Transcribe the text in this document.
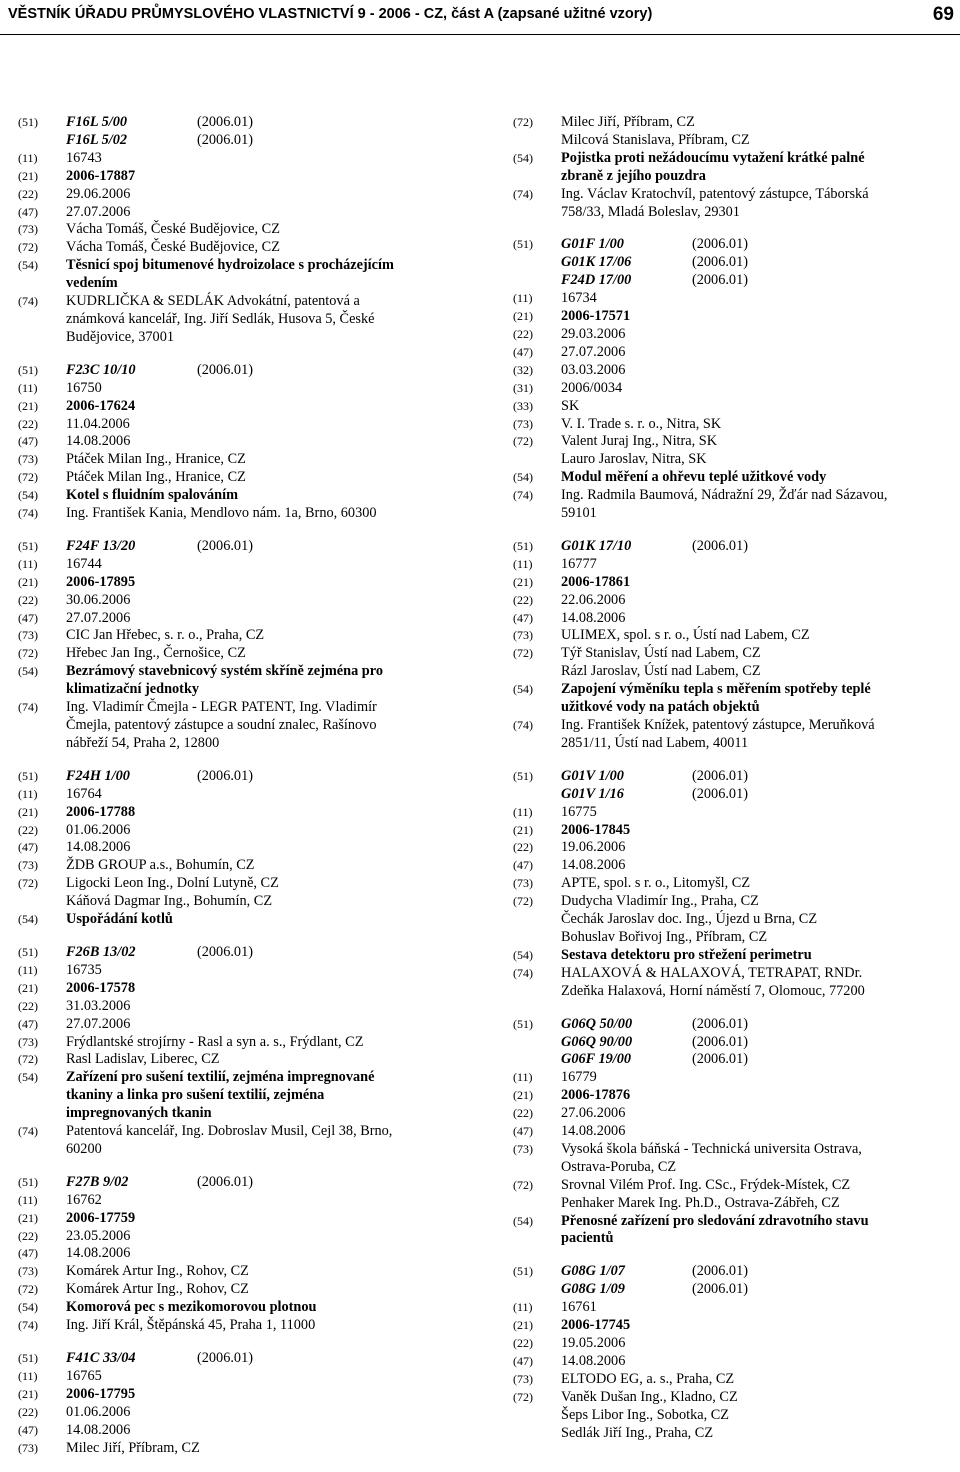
VĚSTNÍK ÚŘADU PRŮMYSLOVÉHO VLASTNICTVÍ 9 - 2006 - CZ, část A (zapsané užitné vzory)	69
(51)	F16L 5/00	(2006.01)
F16L 5/02	(2006.01)
(11)	16743
(21)	2006-17887
(22)	29.06.2006
(47)	27.07.2006
(73)	Vácha Tomáš, České Budějovice, CZ
(72)	Vácha Tomáš, České Budějovice, CZ
(54)	Těsnicí spoj bitumenové hydroizolace s procházejícím
vedením
(74)	KUDRLIČKA & SEDLÁK Advokátní, patentová a
známková kancelář, Ing. Jiří Sedlák, Husova 5, České
Budějovice, 37001
(51)	F23C 10/10	(2006.01)
(11)	16750
(21)	2006-17624
(22)	11.04.2006
(47)	14.08.2006
(73)	Ptáček Milan Ing., Hranice, CZ
(72)	Ptáček Milan Ing., Hranice, CZ
(54)	Kotel s fluidním spalováním
(74)	Ing. František Kania, Mendlovo nám. 1a, Brno, 60300
(51)	F24F 13/20	(2006.01)
(11)	16744
(21)	2006-17895
(22)	30.06.2006
(47)	27.07.2006
(73)	CIC Jan Hřebec, s. r. o., Praha, CZ
(72)	Hřebec Jan Ing., Černošice, CZ
(54)	Bezrámový stavebnicový systém skříně zejména pro
klimatizační jednotky
(74)	Ing. Vladimír Čmejla - LEGR PATENT, Ing. Vladimír
Čmejla, patentový zástupce a soudní znalec, Rašínovo
nábřeží 54, Praha 2, 12800
(51)	F24H 1/00	(2006.01)
(11)	16764
(21)	2006-17788
(22)	01.06.2006
(47)	14.08.2006
(73)	ŽDB GROUP a.s., Bohumín, CZ
(72)	Ligocki Leon Ing., Dolní Lutyně, CZ
Káňová Dagmar Ing., Bohumín, CZ
(54)	Uspořádání kotlů
(51)	F26B 13/02	(2006.01)
(11)	16735
(21)	2006-17578
(22)	31.03.2006
(47)	27.07.2006
(73)	Frýdlantské strojírny - Rasl a syn a. s., Frýdlant, CZ
(72)	Rasl Ladislav, Liberec, CZ
(54)	Zařízení pro sušení textilií, zejména impregnované
tkaniny a linka pro sušení textilií, zejména
impregnovaných tkanin
(74)	Patentová kancelář, Ing. Dobroslav Musil, Cejl 38, Brno,
60200
(51)	F27B 9/02	(2006.01)
(11)	16762
(21)	2006-17759
(22)	23.05.2006
(47)	14.08.2006
(73)	Komárek Artur Ing., Rohov, CZ
(72)	Komárek Artur Ing., Rohov, CZ
(54)	Komorová pec s mezikomorovou plotnou
(74)	Ing. Jiří Král, Štěpánská 45, Praha 1, 11000
(51)	F41C 33/04	(2006.01)
(11)	16765
(21)	2006-17795
(22)	01.06.2006
(47)	14.08.2006
(73)	Milec Jiří, Příbram, CZ
(72)	Milec Jiří, Příbram, CZ
Milcová Stanislava, Příbram, CZ
(54)	Pojistka proti nežádoucímu vytažení krátké palné
zbraně z jejího pouzdra
(74)	Ing. Václav Kratochvíl, patentový zástupce, Táborská
758/33, Mladá Boleslav, 29301
(51)	G01F 1/00	(2006.01)
G01K 17/06	(2006.01)
F24D 17/00	(2006.01)
(11)	16734
(21)	2006-17571
(22)	29.03.2006
(47)	27.07.2006
(32)	03.03.2006
(31)	2006/0034
(33)	SK
(73)	V. I. Trade s. r. o., Nitra, SK
(72)	Valent Juraj Ing., Nitra, SK
Lauro Jaroslav, Nitra, SK
(54)	Modul měření a ohřevu teplé užitkové vody
(74)	Ing. Radmila Baumová, Nádražní 29, Žďár nad Sázavou,
59101
(51)	G01K 17/10	(2006.01)
(11)	16777
(21)	2006-17861
(22)	22.06.2006
(47)	14.08.2006
(73)	ULIMEX, spol. s r. o., Ústí nad Labem, CZ
(72)	Týř Stanislav, Ústí nad Labem, CZ
Rázl Jaroslav, Ústí nad Labem, CZ
(54)	Zapojení výměníku tepla s měřením spotřeby teplé
užitkové vody na patách objektů
(74)	Ing. František Knížek, patentový zástupce, Meruňková
2851/11, Ústí nad Labem, 40011
(51)	G01V 1/00	(2006.01)
G01V 1/16	(2006.01)
(11)	16775
(21)	2006-17845
(22)	19.06.2006
(47)	14.08.2006
(73)	APTE, spol. s r. o., Litomyšl, CZ
(72)	Dudycha Vladimír Ing., Praha, CZ
Čechák Jaroslav doc. Ing., Újezd u Brna, CZ
Bohuslav Bořivoj Ing., Příbram, CZ
(54)	Sestava detektoru pro střežení perimetru
(74)	HALAXOVÁ & HALAXOVÁ, TETRAPAT, RNDr.
Zdeňka Halaxová, Horní náměstí 7, Olomouc, 77200
(51)	G06Q 50/00	(2006.01)
G06Q 90/00	(2006.01)
G06F 19/00	(2006.01)
(11)	16779
(21)	2006-17876
(22)	27.06.2006
(47)	14.08.2006
(73)	Vysoká škola báňská - Technická universita Ostrava,
Ostrava-Poruba, CZ
(72)	Srovnal Vilém Prof. Ing. CSc., Frýdek-Místek, CZ
Penhaker Marek Ing. Ph.D., Ostrava-Zábřeh, CZ
(54)	Přenosné zařízení pro sledování zdravotního stavu
pacientů
(51)	G08G 1/07	(2006.01)
G08G 1/09	(2006.01)
(11)	16761
(21)	2006-17745
(22)	19.05.2006
(47)	14.08.2006
(73)	ELTODO EG, a. s., Praha, CZ
(72)	Vaněk Dušan Ing., Kladno, CZ
Šeps Libor Ing., Sobotka, CZ
Sedlák Jiří Ing., Praha, CZ
